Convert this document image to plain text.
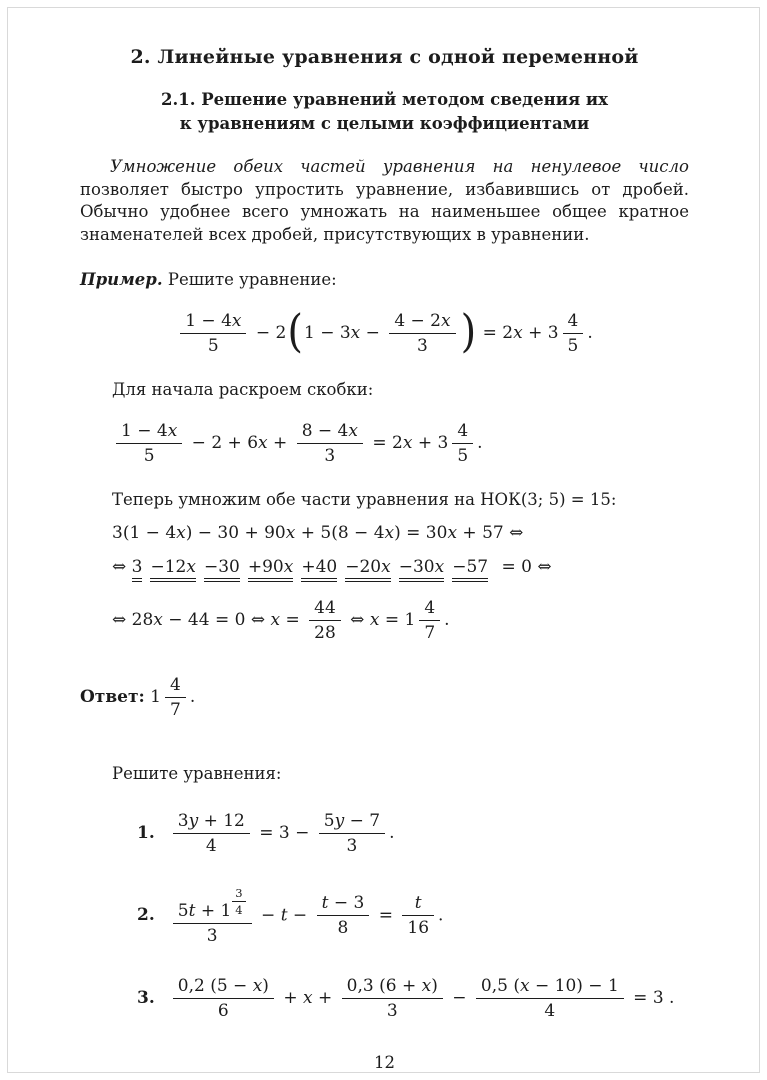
2. Линейные уравнения с одной переменной
2.1. Решение уравнений методом сведения их
к уравнениям с целыми коэффициентами

Умножение обеих частей уравнения на ненулевое число позволяет быстро упростить уравнение, избавившись от дробей. Обычно удобнее всего умножать на наименьшее общее кратное знаменателей всех дробей, присутствующих в уравнении.

Пример. Решите уравнение:

$\frac{1 - 4x}{5} - 2(1 - 3x - \frac{4 - 2x}{3}$ ) = $2x + 3 \frac{4}{5}$ .

Для начала раскроем скобки:

$\frac{1 - 4x}{5} - 2 + 6x + \frac{8 - 4x}{3} = 2x + 3 \frac{4}{5}$ .

Теперь умножим обе части уравнения на НОК(3; 5) = 15:

3(1 − 4x) − 30 + 90x + 5(8 − 4x) = 30x + 57 ⇔
⇔ 3 −12x −30 +90x +40 −20x −30x −57 = 0 ⇔
⇔ 28x − 44 = 0 ⇔ $x = \frac{44}{28}$ ⇔ $x = 1 \frac{4}{7}$ .
Ответ: $1 \frac{4}{7}$ .

Решите уравнения:

1. $\frac{3y + 12}{4} = 3 - \frac{5y - 7}{3}$ .
2. $\frac{5t + 1 \frac{3}{4}}{3} - t - \frac{t - 3}{8} = \frac{t}{16}$ .
3. $\frac{0,2 (5 - x)}{6} + x + \frac{0,3 (6 + x)}{3} - \frac{0,5 (x - 10) - 1}{4} = 3$ .
12
